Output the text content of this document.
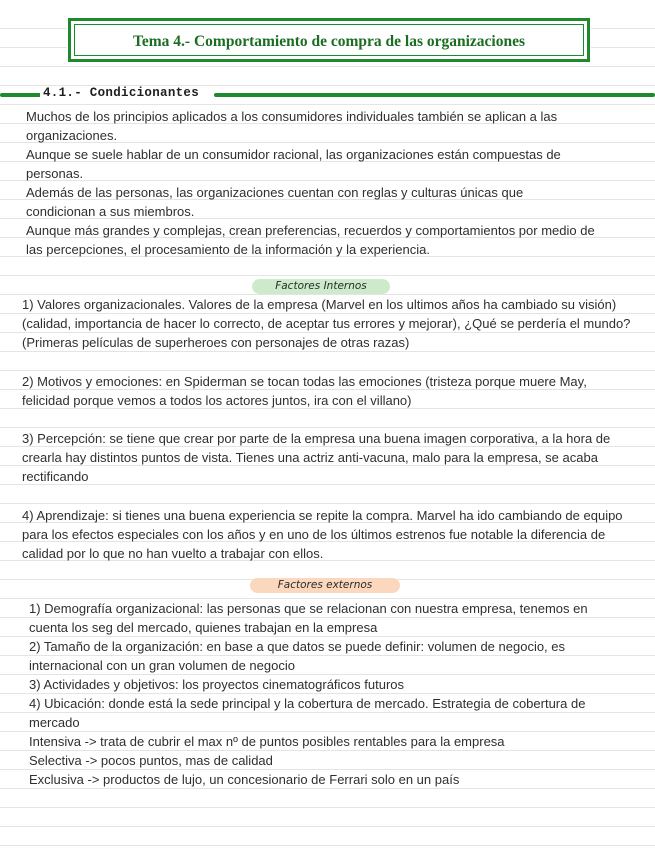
Tema 4.- Comportamiento de compra de las organizaciones
4.1.- Condicionantes

Muchos de los principios aplicados a los consumidores individuales también se aplican a las organizaciones.

Aunque se suele hablar de un consumidor racional, las organizaciones están compuestas de personas.

Además de las personas, las organizaciones cuentan con reglas y culturas únicas que condicionan a sus miembros.

Aunque más grandes y complejas, crean preferencias, recuerdos y comportamientos por medio de las percepciones, el procesamiento de la información y la experiencia.

Factores Internos

1) Valores organizacionales. Valores de la empresa (Marvel en los ultimos años ha cambiado su visión) (calidad, importancia de hacer lo correcto, de aceptar tus errores y mejorar), ¿Qué se perdería el mundo? (Primeras películas de superheroes con personajes de otras razas)

2) Motivos y emociones: en Spiderman se tocan todas las emociones (tristeza porque muere May, felicidad porque vemos a todos los actores juntos, ira con el villano)

3) Percepción: se tiene que crear por parte de la empresa una buena imagen corporativa, a la hora de crearla hay distintos puntos de vista. Tienes una actriz anti-vacuna, malo para la empresa, se acaba rectificando

4) Aprendizaje: si tienes una buena experiencia se repite la compra. Marvel ha ido cambiando de equipo para los efectos especiales con los años y en uno de los últimos estrenos fue notable la diferencia de calidad por lo que no han vuelto a trabajar con ellos.

Factores externos

1) Demografía organizacional: las personas que se relacionan con nuestra empresa, tenemos en cuenta los seg del mercado, quienes trabajan en la empresa

2) Tamaño de la organización: en base a que datos se puede definir: volumen de negocio, es internacional con un gran volumen de negocio

3) Actividades y objetivos: los proyectos cinematográficos futuros

4) Ubicación: donde está la sede principal y la cobertura de mercado. Estrategia de cobertura de mercado

Intensiva -> trata de cubrir el max nº de puntos posibles rentables para la empresa

Selectiva -> pocos puntos, mas de calidad

Exclusiva -> productos de lujo, un concesionario de Ferrari solo en un país
